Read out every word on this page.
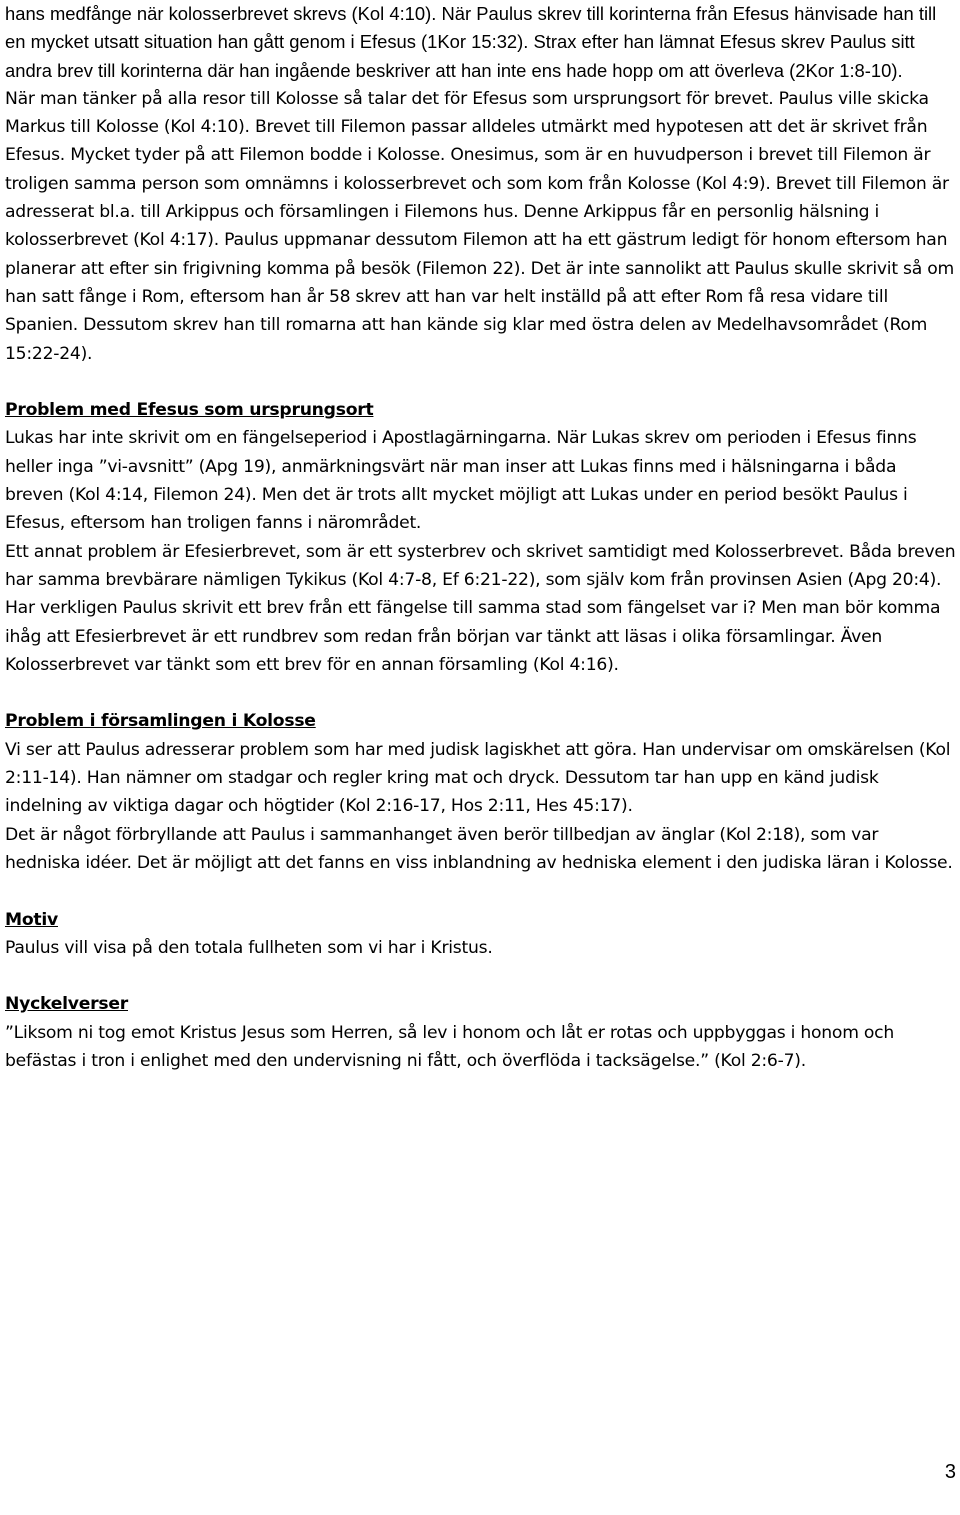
hans medfånge när kolosserbrevet skrevs (Kol 4:10). När Paulus skrev till korinterna från Efesus hänvisade han till en mycket utsatt situation han gått genom i Efesus (1Kor 15:32). Strax efter han lämnat Efesus skrev Paulus sitt andra brev till korinterna där han ingående beskriver att han inte ens hade hopp om att överleva (2Kor 1:8-10).

När man tänker på alla resor till Kolosse så talar det för Efesus som ursprungsort för brevet. Paulus ville skicka Markus till Kolosse (Kol 4:10). Brevet till Filemon passar alldeles utmärkt med hypotesen att det är skrivet från Efesus. Mycket tyder på att Filemon bodde i Kolosse. Onesimus, som är en huvudperson i brevet till Filemon är troligen samma person som omnämns i kolosserbrevet och som kom från Kolosse (Kol 4:9). Brevet till Filemon är adresserat bl.a. till Arkippus och församlingen i Filemons hus. Denne Arkippus får en personlig hälsning i kolosserbrevet (Kol 4:17). Paulus uppmanar dessutom Filemon att ha ett gästrum ledigt för honom eftersom han planerar att efter sin frigivning komma på besök (Filemon 22). Det är inte sannolikt att Paulus skulle skrivit så om han satt fånge i Rom, eftersom han år 58 skrev att han var helt inställd på att efter Rom få resa vidare till Spanien. Dessutom skrev han till romarna att han kände sig klar med östra delen av Medelhavsområdet (Rom 15:22-24).

Problem med Efesus som ursprungsort

Lukas har inte skrivit om en fängelseperiod i Apostlagärningarna. När Lukas skrev om perioden i Efesus finns heller inga ”vi-avsnitt” (Apg 19), anmärkningsvärt när man inser att Lukas finns med i hälsningarna i båda breven (Kol 4:14, Filemon 24). Men det är trots allt mycket möjligt att Lukas under en period besökt Paulus i Efesus, eftersom han troligen fanns i närområdet.

Ett annat problem är Efesierbrevet, som är ett systerbrev och skrivet samtidigt med Kolosserbrevet. Båda breven har samma brevbärare nämligen Tykikus (Kol 4:7-8, Ef 6:21-22), som själv kom från provinsen Asien (Apg 20:4). Har verkligen Paulus skrivit ett brev från ett fängelse till samma stad som fängelset var i? Men man bör komma ihåg att Efesierbrevet är ett rundbrev som redan från början var tänkt att läsas i olika församlingar. Även Kolosserbrevet var tänkt som ett brev för en annan församling (Kol 4:16).

Problem i församlingen i Kolosse

Vi ser att Paulus adresserar problem som har med judisk lagiskhet att göra. Han undervisar om omskärelsen (Kol 2:11-14). Han nämner om stadgar och regler kring mat och dryck. Dessutom tar han upp en känd judisk indelning av viktiga dagar och högtider (Kol 2:16-17, Hos 2:11, Hes 45:17).

Det är något förbryllande att Paulus i sammanhanget även berör tillbedjan av änglar (Kol 2:18), som var hedniska idéer. Det är möjligt att det fanns en viss inblandning av hedniska element i den judiska läran i Kolosse.

Motiv

Paulus vill visa på den totala fullheten som vi har i Kristus.

Nyckelverser

”Liksom ni tog emot Kristus Jesus som Herren, så lev i honom och låt er rotas och uppbyggas i honom och befästas i tron i enlighet med den undervisning ni fått, och överflöda i tacksägelse.” (Kol 2:6-7).

3
